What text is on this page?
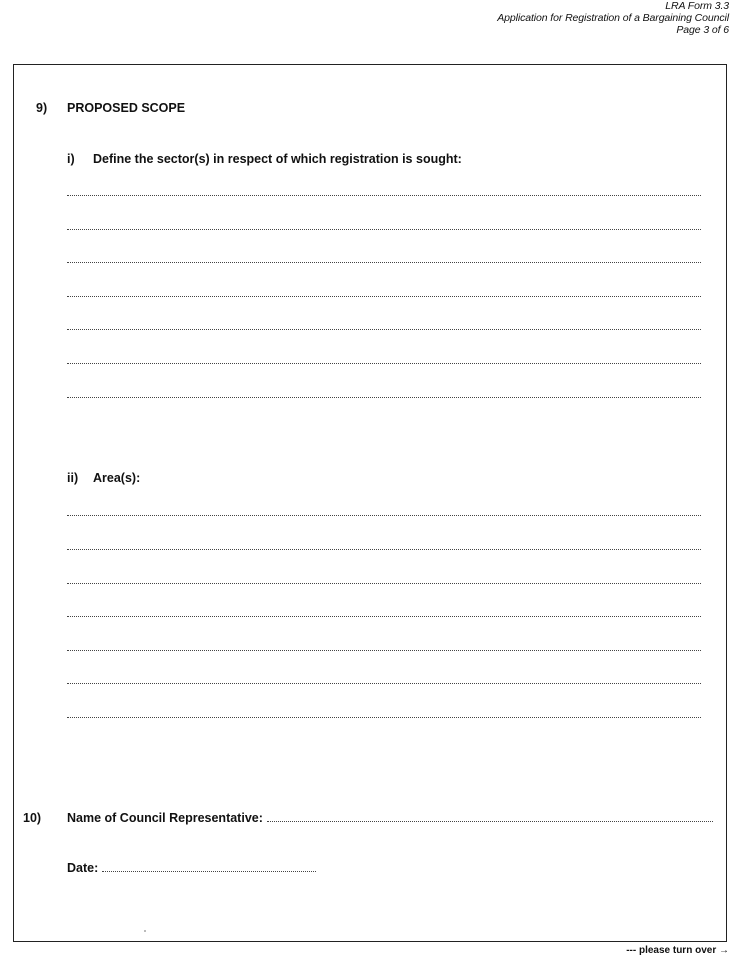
LRA Form 3.3
Application for Registration of a Bargaining Council
Page 3 of 6
9) PROPOSED SCOPE
i) Define the sector(s) in respect of which registration is sought:
ii) Area(s):
10) Name of Council Representative:
Date:
--- please turn over →
